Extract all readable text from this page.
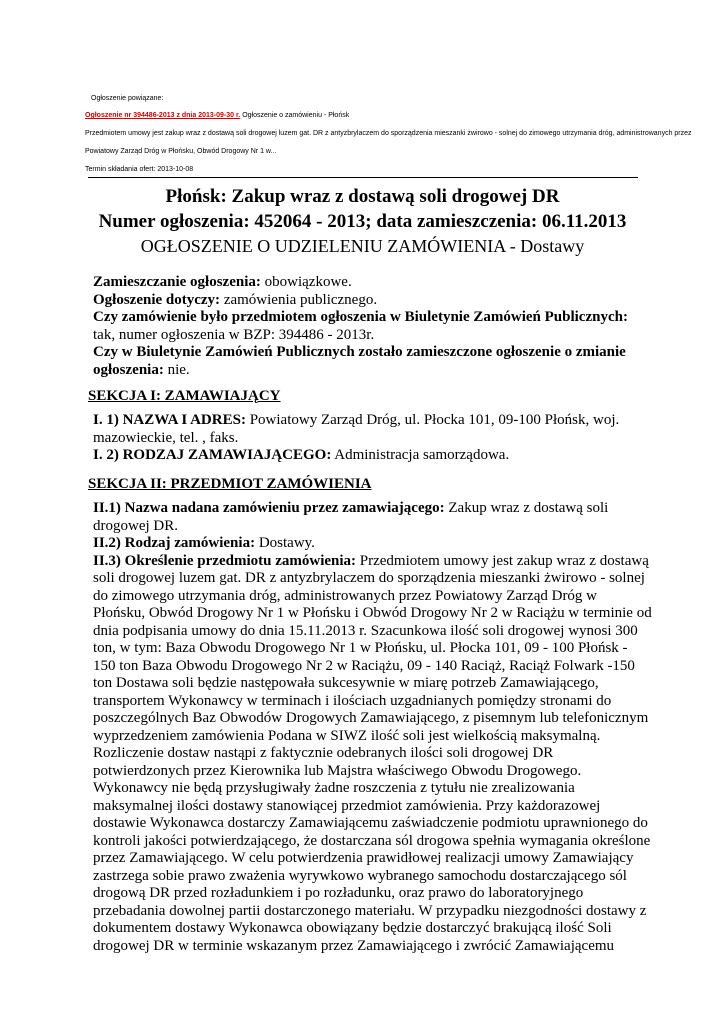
Ogłoszenie powiązane:
Ogłoszenie nr 394486-2013 z dnia 2013-09-30 r. Ogłoszenie o zamówieniu - Płońsk
Przedmiotem umowy jest zakup wraz z dostawą soli drogowej luzem gat. DR z antyzbrylaczem do sporządzenia mieszanki żwirowo - solnej do zimowego utrzymania dróg, administrowanych przez
Powiatowy Zarząd Dróg w Płońsku, Obwód Drogowy Nr 1 w...
Termin składania ofert: 2013-10-08
Płońsk: Zakup wraz z dostawą soli drogowej DR
Numer ogłoszenia: 452064 - 2013; data zamieszczenia: 06.11.2013
OGŁOSZENIE O UDZIELENIU ZAMÓWIENIA - Dostawy
Zamieszczanie ogłoszenia: obowiązkowe.
Ogłoszenie dotyczy: zamówienia publicznego.
Czy zamówienie było przedmiotem ogłoszenia w Biuletynie Zamówień Publicznych:
tak, numer ogłoszenia w BZP: 394486 - 2013r.
Czy w Biuletynie Zamówień Publicznych zostało zamieszczone ogłoszenie o zmianie
ogłoszenia: nie.
SEKCJA I: ZAMAWIAJĄCY
I. 1) NAZWA I ADRES: Powiatowy Zarząd Dróg, ul. Płocka 101, 09-100 Płońsk, woj.
mazowieckie, tel. , faks.
I. 2) RODZAJ ZAMAWIAJĄCEGO: Administracja samorządowa.
SEKCJA II: PRZEDMIOT ZAMÓWIENIA
II.1) Nazwa nadana zamówieniu przez zamawiającego: Zakup wraz z dostawą soli
drogowej DR.
II.2) Rodzaj zamówienia: Dostawy.
II.3) Określenie przedmiotu zamówienia: Przedmiotem umowy jest zakup wraz z dostawą
soli drogowej luzem gat. DR z antyzbrylaczem do sporządzenia mieszanki żwirowo - solnej
do zimowego utrzymania dróg, administrowanych przez Powiatowy Zarząd Dróg w
Płońsku, Obwód Drogowy Nr 1 w Płońsku i Obwód Drogowy Nr 2 w Raciążu w terminie od
dnia podpisania umowy do dnia 15.11.2013 r. Szacunkowa ilość soli drogowej wynosi 300
ton, w tym: Baza Obwodu Drogowego Nr 1 w Płońsku, ul. Płocka 101, 09 - 100 Płońsk -
150 ton Baza Obwodu Drogowego Nr 2 w Raciążu, 09 - 140 Raciąż, Raciąż Folwark -150
ton Dostawa soli będzie następowała sukcesywnie w miarę potrzeb Zamawiającego,
transportem Wykonawcy w terminach i ilościach uzgadnianych pomiędzy stronami do
poszczególnych Baz Obwodów Drogowych Zamawiającego, z pisemnym lub telefonicznym
wyprzedzeniem zamówienia Podana w SIWZ ilość soli jest wielkością maksymalną.
Rozliczenie dostaw nastąpi z faktycznie odebranych ilości soli drogowej DR
potwierdzonych przez Kierownika lub Majstra właściwego Obwodu Drogowego.
Wykonawcy nie będą przysługiwały żadne roszczenia z tytułu nie zrealizowania
maksymalnej ilości dostawy stanowiącej przedmiot zamówienia. Przy każdorazowej
dostawie Wykonawca dostarczy Zamawiającemu zaświadczenie podmiotu uprawnionego do
kontroli jakości potwierdzającego, że dostarczana sól drogowa spełnia wymagania określone
przez Zamawiającego. W celu potwierdzenia prawidłowej realizacji umowy Zamawiający
zastrzega sobie prawo zważenia wyrywkowo wybranego samochodu dostarczającego sól
drogową DR przed rozładunkiem i po rozładunku, oraz prawo do laboratoryjnego
przebadania dowolnej partii dostarczonego materiału. W przypadku niezgodności dostawy z
dokumentem dostawy Wykonawca obowiązany będzie dostarczyć brakującą ilość Soli
drogowej DR w terminie wskazanym przez Zamawiającego i zwrócić Zamawiającemu
